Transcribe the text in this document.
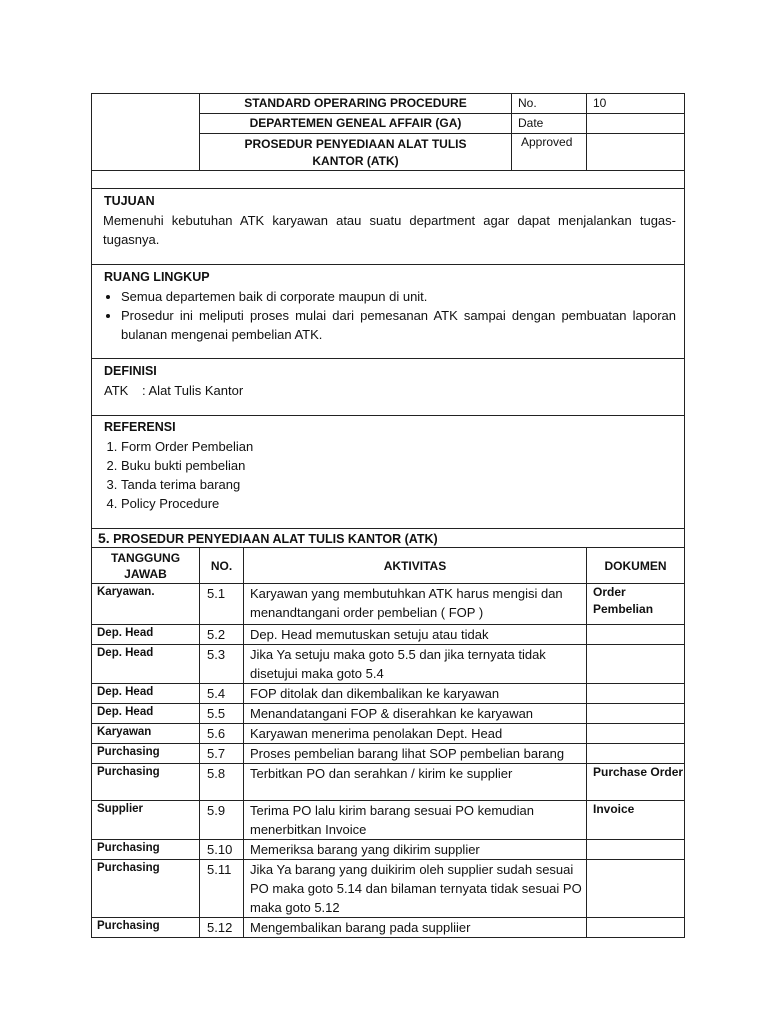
	STANDARD OPERARING PROCEDURE	No.	10
	DEPARTEMEN GENEAL AFFAIR (GA)	Date	
	PROSEDUR PENYEDIAAN ALAT TULIS KANTOR (ATK)	Approved	

TUJUAN
Memenuhi kebutuhan ATK karyawan atau suatu department agar dapat menjalankan tugas-tugasnya.

RUANG LINGKUP
• Semua departemen baik di corporate maupun di unit.
• Prosedur ini meliputi proses mulai dari pemesanan ATK sampai dengan pembuatan laporan bulanan mengenai pembelian ATK.

DEFINISI
ATK : Alat Tulis Kantor

REFERENSI
1. Form Order Pembelian
2. Buku bukti pembelian
3. Tanda terima barang
4. Policy Procedure
5. PROSEDUR PENYEDIAAN ALAT TULIS KANTOR (ATK)			
TANGGUNG JAWAB	NO.	AKTIVITAS	DOKUMEN
Karyawan.	5.1	Karyawan yang membutuhkan ATK harus mengisi dan menandtangani order pembelian ( FOP )	Order Pembelian
Dep. Head	5.2	Dep. Head memutuskan setuju atau tidak	
Dep. Head	5.3	Jika Ya setuju maka goto 5.5 dan jika ternyata tidak disetujui maka goto 5.4	
Dep. Head	5.4	FOP ditolak dan dikembalikan ke karyawan	
Dep. Head	5.5	Menandatangani FOP & diserahkan ke karyawan	
Karyawan	5.6	Karyawan menerima penolakan Dept. Head	
Purchasing	5.7	Proses pembelian barang lihat SOP pembelian barang	
Purchasing	5.8	Terbitkan PO dan serahkan / kirim ke supplier	Purchase Order
Supplier	5.9	Terima PO lalu kirim barang sesuai PO kemudian menerbitkan Invoice	Invoice
Purchasing	5.10	Memeriksa barang yang dikirim supplier	
Purchasing	5.11	Jika Ya barang yang duikirim oleh supplier sudah sesuai PO maka goto 5.14 dan bilaman ternyata tidak sesuai PO maka goto 5.12	
Purchasing	5.12	Mengembalikan barang pada suppliier	
